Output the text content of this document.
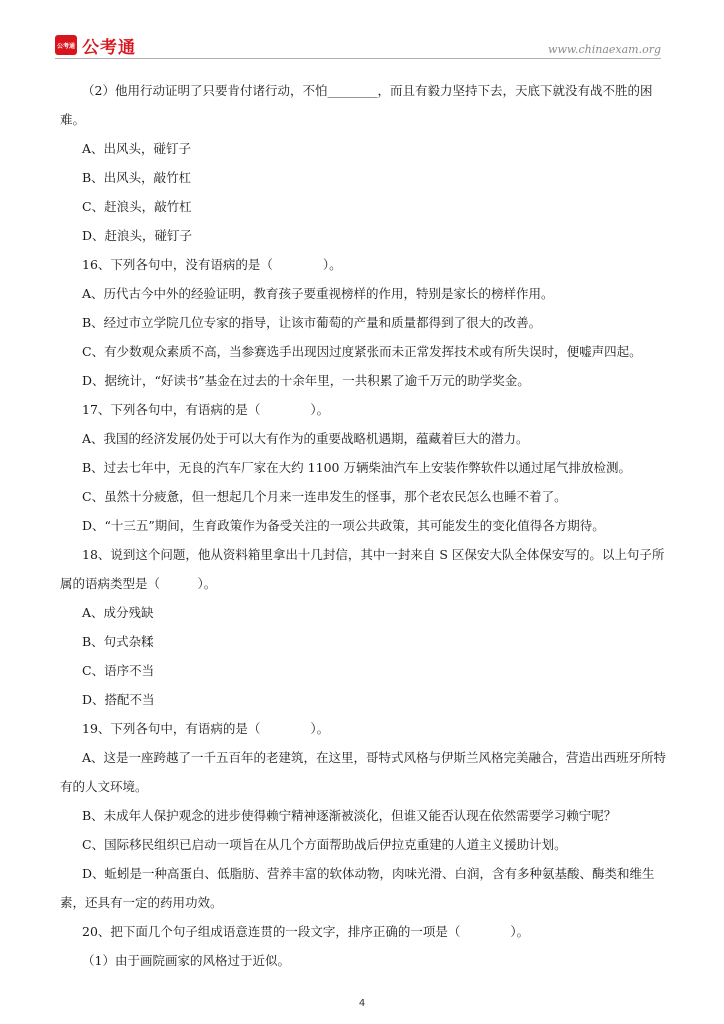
公考通 公考通	www.chinaexam.org

（2）他用行动证明了只要肯付诸行动，不怕________，而且有毅力坚持下去，天底下就没有战不胜的困难。

A、出风头，碰钉子

B、出风头，敲竹杠

C、赶浪头，敲竹杠

D、赶浪头，碰钉子

16、下列各句中，没有语病的是（　　　　）。

A、历代古今中外的经验证明，教育孩子要重视榜样的作用，特别是家长的榜样作用。

B、经过市立学院几位专家的指导，让该市葡萄的产量和质量都得到了很大的改善。

C、有少数观众素质不高，当参赛选手出现因过度紧张而未正常发挥技术或有所失误时，便嘘声四起。

D、据统计，“好读书”基金在过去的十余年里，一共积累了逾千万元的助学奖金。

17、下列各句中，有语病的是（　　　　）。

A、我国的经济发展仍处于可以大有作为的重要战略机遇期，蕴藏着巨大的潜力。

B、过去七年中，无良的汽车厂家在大约 1100 万辆柴油汽车上安装作弊软件以通过尾气排放检测。

C、虽然十分疲惫，但一想起几个月来一连串发生的怪事，那个老农民怎么也睡不着了。

D、“十三五”期间，生育政策作为备受关注的一项公共政策，其可能发生的变化值得各方期待。

18、说到这个问题，他从资料箱里拿出十几封信，其中一封来自 S 区保安大队全体保安写的。以上句子所属的语病类型是（　　　）。

A、成分残缺

B、句式杂糅

C、语序不当

D、搭配不当

19、下列各句中，有语病的是（　　　　）。

A、这是一座跨越了一千五百年的老建筑，在这里，哥特式风格与伊斯兰风格完美融合，营造出西班牙所特有的人文环境。

B、未成年人保护观念的进步使得赖宁精神逐渐被淡化，但谁又能否认现在依然需要学习赖宁呢？

C、国际移民组织已启动一项旨在从几个方面帮助战后伊拉克重建的人道主义援助计划。

D、蚯蚓是一种高蛋白、低脂肪、营养丰富的软体动物，肉味光滑、白润，含有多种氨基酸、酶类和维生素，还具有一定的药用功效。

20、把下面几个句子组成语意连贯的一段文字，排序正确的一项是（　　　　）。

（1）由于画院画家的风格过于近似。

4
